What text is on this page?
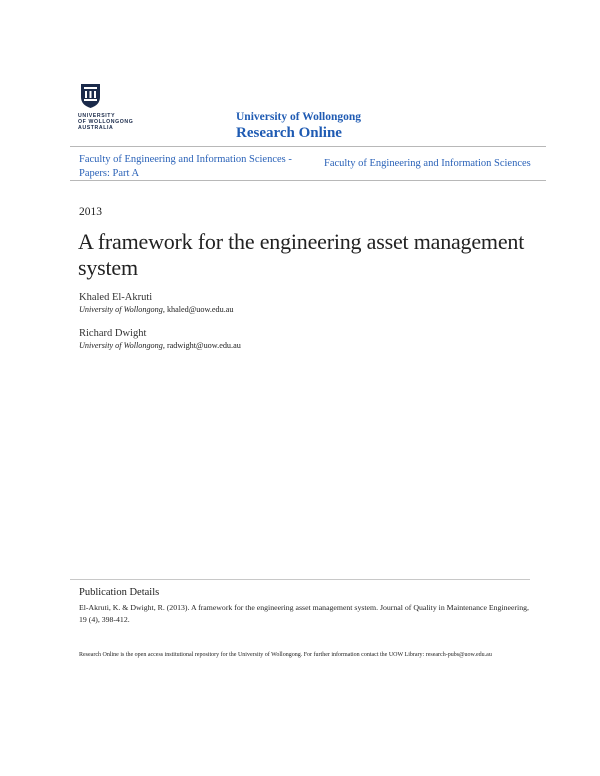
UNIVERSITY
OF WOLLONGONG
AUSTRALIA
University of Wollongong
Research Online
Faculty of Engineering and Information Sciences -
Papers: Part A
Faculty of Engineering and Information Sciences
2013
A framework for the engineering asset management system
Khaled El-Akruti
University of Wollongong, khaled@uow.edu.au
Richard Dwight
University of Wollongong, radwight@uow.edu.au
Publication Details
El-Akruti, K. & Dwight, R. (2013). A framework for the engineering asset management system. Journal of Quality in Maintenance Engineering, 19 (4), 398-412.
Research Online is the open access institutional repository for the University of Wollongong. For further information contact the UOW Library: research-pubs@uow.edu.au
